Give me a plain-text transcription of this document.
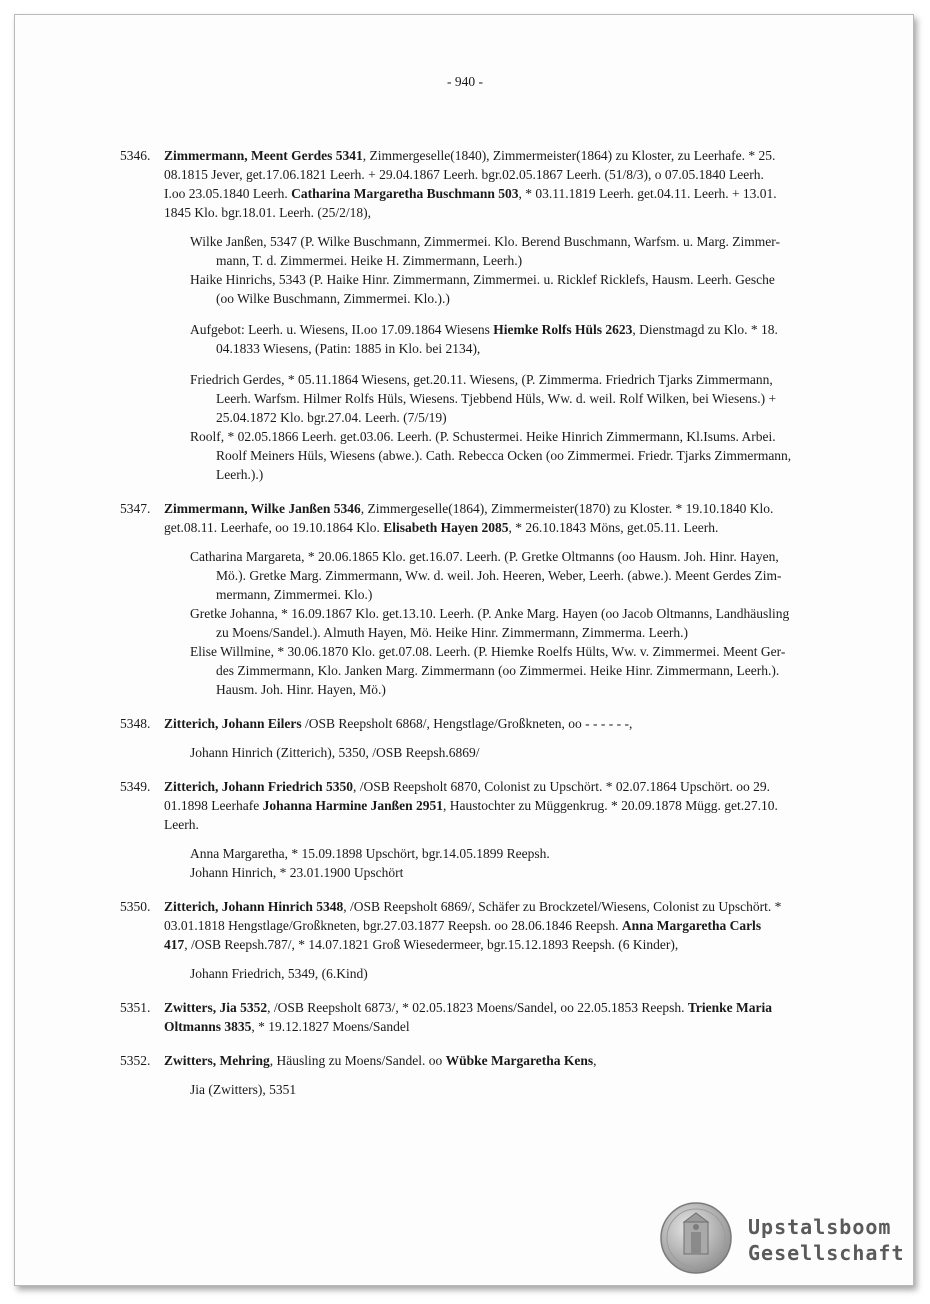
- 940 -
5346.	Zimmermann, Meent Gerdes 5341, Zimmergeselle(1840), Zimmermeister(1864) zu Kloster, zu Leerhafe. * 25.
08.1815 Jever, get.17.06.1821 Leerh. + 29.04.1867 Leerh. bgr.02.05.1867 Leerh. (51/8/3), o 07.05.1840 Leerh.
I.oo 23.05.1840 Leerh. Catharina Margaretha Buschmann 503, * 03.11.1819 Leerh. get.04.11. Leerh. + 13.01.
1845 Klo. bgr.18.01. Leerh. (25/2/18),
Wilke Janßen, 5347 (P. Wilke Buschmann, Zimmermei. Klo. Berend Buschmann, Warfsm. u. Marg. Zimmer-
mann, T. d. Zimmermei. Heike H. Zimmermann, Leerh.)
Haike Hinrichs, 5343 (P. Haike Hinr. Zimmermann, Zimmermei. u. Ricklef Ricklefs, Hausm. Leerh. Gesche
(oo Wilke Buschmann, Zimmermei. Klo.).)
Aufgebot: Leerh. u. Wiesens, II.oo 17.09.1864 Wiesens Hiemke Rolfs Hüls 2623, Dienstmagd zu Klo. * 18.
04.1833 Wiesens, (Patin: 1885 in Klo. bei 2134),
Friedrich Gerdes, * 05.11.1864 Wiesens, get.20.11. Wiesens, (P. Zimmerma. Friedrich Tjarks Zimmermann,
Leerh. Warfsm. Hilmer Rolfs Hüls, Wiesens. Tjebbend Hüls, Ww. d. weil. Rolf Wilken, bei Wiesens.) +
25.04.1872 Klo. bgr.27.04. Leerh. (7/5/19)
Roolf, * 02.05.1866 Leerh. get.03.06. Leerh. (P. Schustermei. Heike Hinrich Zimmermann, Kl.Isums. Arbei.
Roolf Meiners Hüls, Wiesens (abwe.). Cath. Rebecca Ocken (oo Zimmermei. Friedr. Tjarks Zimmermann,
Leerh.).)
5347.	Zimmermann, Wilke Janßen 5346, Zimmergeselle(1864), Zimmermeister(1870) zu Kloster. * 19.10.1840 Klo.
get.08.11. Leerhafe, oo 19.10.1864 Klo. Elisabeth Hayen 2085, * 26.10.1843 Möns, get.05.11. Leerh.
Catharina Margareta, * 20.06.1865 Klo. get.16.07. Leerh. (P. Gretke Oltmanns (oo Hausm. Joh. Hinr. Hayen,
Mö.). Gretke Marg. Zimmermann, Ww. d. weil. Joh. Heeren, Weber, Leerh. (abwe.). Meent Gerdes Zim-
mermann, Zimmermei. Klo.)
Gretke Johanna, * 16.09.1867 Klo. get.13.10. Leerh. (P. Anke Marg. Hayen (oo Jacob Oltmanns, Landhäusling
zu Moens/Sandel.). Almuth Hayen, Mö. Heike Hinr. Zimmermann, Zimmerma. Leerh.)
Elise Willmine, * 30.06.1870 Klo. get.07.08. Leerh. (P. Hiemke Roelfs Hülts, Ww. v. Zimmermei. Meent Ger-
des Zimmermann, Klo. Janken Marg. Zimmermann (oo Zimmermei. Heike Hinr. Zimmermann, Leerh.).
Hausm. Joh. Hinr. Hayen, Mö.)
5348.	Zitterich, Johann Eilers /OSB Reepsholt 6868/, Hengstlage/Großkneten, oo - - - - - -,
Johann Hinrich (Zitterich), 5350, /OSB Reepsh.6869/
5349.	Zitterich, Johann Friedrich 5350, /OSB Reepsholt 6870, Colonist zu Upschört. * 02.07.1864 Upschört. oo 29.
01.1898 Leerhafe Johanna Harmine Janßen 2951, Haustochter zu Müggenkrug. * 20.09.1878 Mügg. get.27.10.
Leerh.
Anna Margaretha, * 15.09.1898 Upschört, bgr.14.05.1899 Reepsh.
Johann Hinrich, * 23.01.1900 Upschört
5350.	Zitterich, Johann Hinrich 5348, /OSB Reepsholt 6869/, Schäfer zu Brockzetel/Wiesens, Colonist zu Upschört. *
03.01.1818 Hengstlage/Großkneten, bgr.27.03.1877 Reepsh. oo 28.06.1846 Reepsh. Anna Margaretha Carls
417, /OSB Reepsh.787/, * 14.07.1821 Groß Wiesedermeer, bgr.15.12.1893 Reepsh. (6 Kinder),
Johann Friedrich, 5349, (6.Kind)
5351.	Zwitters, Jia 5352, /OSB Reepsholt 6873/, * 02.05.1823 Moens/Sandel, oo 22.05.1853 Reepsh. Trienke Maria
Oltmanns 3835, * 19.12.1827 Moens/Sandel
5352.	Zwitters, Mehring, Häusling zu Moens/Sandel. oo Wübke Margaretha Kens,
Jia (Zwitters), 5351
Upstalsboom
Gesellschaft
